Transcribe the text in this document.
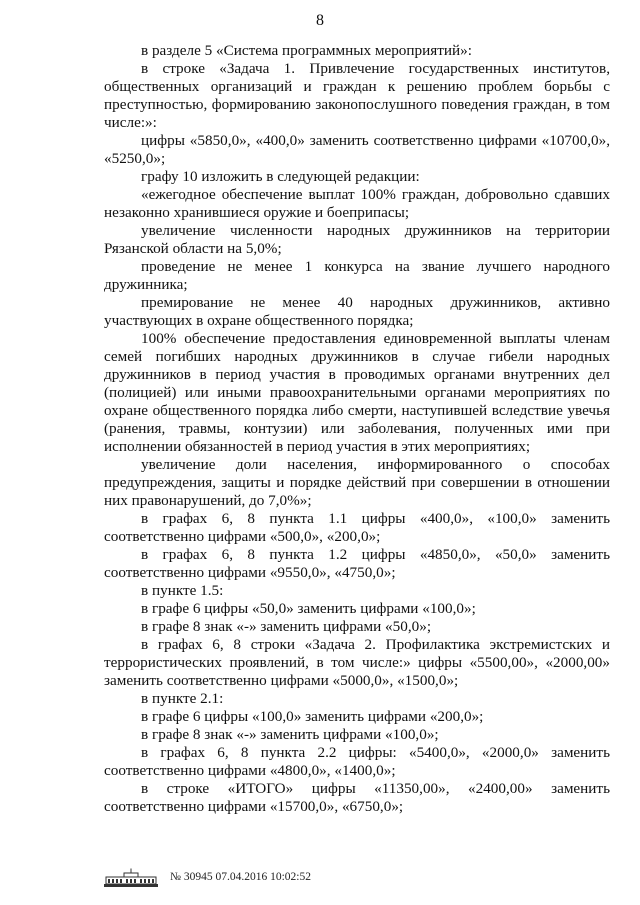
8

в разделе 5 «Система программных мероприятий»:

в строке «Задача 1. Привлечение государственных институтов, общественных организаций и граждан к решению проблем борьбы с преступностью, формированию законопослушного поведения граждан, в том числе:»:

цифры «5850,0», «400,0» заменить соответственно цифрами «10700,0», «5250,0»;

графу 10 изложить в следующей редакции:

«ежегодное обеспечение выплат 100% граждан, добровольно сдавших незаконно хранившиеся оружие и боеприпасы;

увеличение численности народных дружинников на территории Рязанской области на 5,0%;

проведение не менее 1 конкурса на звание лучшего народного дружинника;

премирование не менее 40 народных дружинников, активно участвующих в охране общественного порядка;

100% обеспечение предоставления единовременной выплаты членам семей погибших народных дружинников в случае гибели народных дружинников в период участия в проводимых органами внутренних дел (полицией) или иными правоохранительными органами мероприятиях по охране общественного порядка либо смерти, наступившей вследствие увечья (ранения, травмы, контузии) или заболевания, полученных ими при исполнении обязанностей в период участия в этих мероприятиях;

увеличение доли населения, информированного о способах предупреждения, защиты и порядке действий при совершении в отношении них правонарушений, до 7,0%»;

в графах 6, 8 пункта 1.1 цифры «400,0», «100,0» заменить соответственно цифрами «500,0», «200,0»;

в графах 6, 8 пункта 1.2 цифры «4850,0», «50,0» заменить соответственно цифрами «9550,0», «4750,0»;

в пункте 1.5:

в графе 6 цифры «50,0» заменить цифрами «100,0»;

в графе 8 знак «-» заменить цифрами «50,0»;

в графах 6, 8 строки «Задача 2. Профилактика экстремистских и террористических проявлений, в том числе:» цифры «5500,00», «2000,00» заменить соответственно цифрами «5000,0», «1500,0»;

в пункте 2.1:

в графе 6 цифры «100,0» заменить цифрами «200,0»;

в графе 8 знак «-» заменить цифрами «100,0»;

в графах 6, 8 пункта 2.2 цифры: «5400,0», «2000,0» заменить соответственно цифрами «4800,0», «1400,0»;

в строке «ИТОГО» цифры «11350,00», «2400,00» заменить соответственно цифрами «15700,0», «6750,0»;

№ 30945 07.04.2016 10:02:52
